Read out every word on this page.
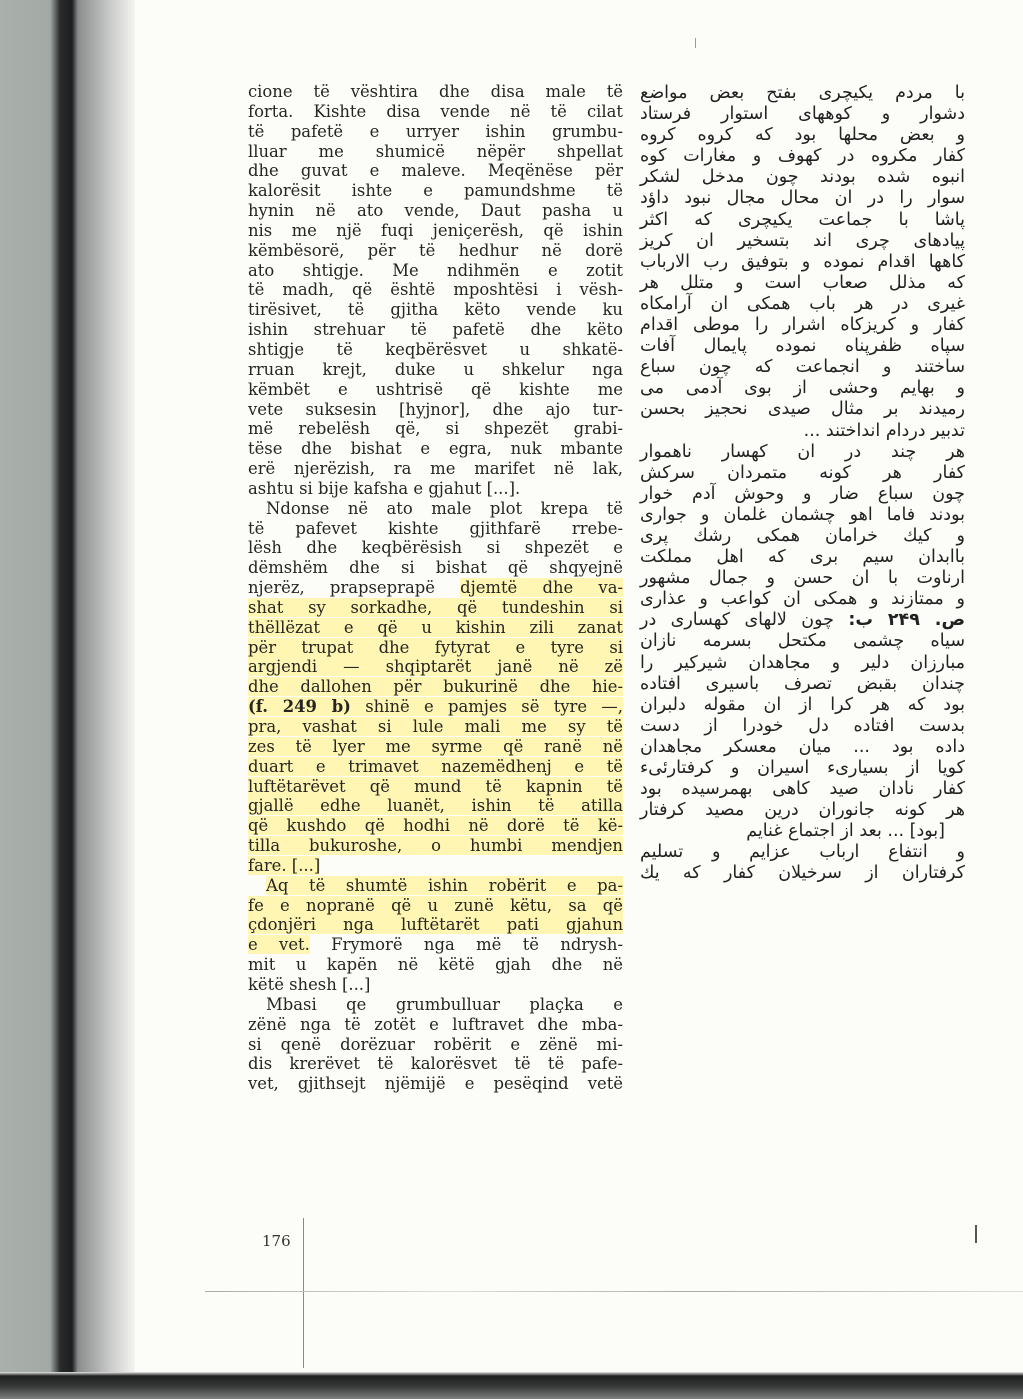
cione të vështira dhe disa male të
forta. Kishte disa vende në të cilat
të pafetë e urryer ishin grumbu-
lluar me shumicë nëpër shpellat
dhe guvat e maleve. Meqënëse për
kalorësit ishte e pamundshme të
hynin në ato vende, Daut pasha u
nis me një fuqi jeniçerësh, që ishin
këmbësorë, për të hedhur në dorë
ato shtigje. Me ndihmën e zotit
të madh, që është mposhtësi i vësh-
tirësivet, të gjitha këto vende ku
ishin strehuar të pafetë dhe këto
shtigje të keqbërësvet u shkatë-
rruan krejt, duke u shkelur nga
këmbët e ushtrisë që kishte me
vete suksesin [hyjnor], dhe ajo tur-
më rebelësh që, si shpezët grabi-
tëse dhe bishat e egra, nuk mbante
erë njerëzish, ra me marifet në lak,
ashtu si bije kafsha e gjahut [...].
Ndonse në ato male plot krepa të
të pafevet kishte gjithfarë rrebe-
lësh dhe keqbërësish si shpezët e
dëmshëm dhe si bishat që shqyejnë
njerëz, prapseprapë djemtë dhe va-
shat sy sorkadhe, që tundeshin si
thëllëzat e që u kishin zili zanat
për trupat dhe fytyrat e tyre si
argjendi — shqiptarët janë në zë
dhe dallohen për bukurinë dhe hie-
(f. 249 b) shinë e pamjes së tyre —,
pra, vashat si lule mali me sy të
zes të lyer me syrme që ranë në
duart e trimavet nazemëdhenj e të
luftëtarëvet që mund të kapnin të
gjallë edhe luanët, ishin të atilla
që kushdo që hodhi në dorë të kë-
tilla bukuroshe, o humbi mendjen
fare. [...]
Aq të shumtë ishin robërit e pa-
fe e nopranë që u zunë këtu, sa që
çdonjëri nga luftëtarët pati gjahun
e vet. Frymorë nga më të ndrysh-
mit u kapën në këtë gjah dhe në
këtë shesh [...]
Mbasi qe grumbulluar plaçka e
zënë nga të zotët e luftravet dhe mba-
si qenë dorëzuar robërit e zënë mi-
dis krerëvet të kalorësvet të të pafe-
vet, gjithsejt njëmijë e pesëqind vetë
با مردم یکیچری بفتح بعض مواضع
دشوار و کوههای استوار فرستاد
و بعض محلها بود که کروه کروه
کفار مکروه در کهوف و مغارات کوه
انبوه شده بودند چون مدخل لشکر
سوار را در ان محال مجال نبود داؤد
پاشا با جماعت یکیچری که اکثر
پیادهای چری اند بتسخیر ان کریز
کاهها اقدام نموده و بتوفیق رب الارباب
که مذلل صعاب است و متلل هر
غیری در هر باب همکی ان آرامکاه
کفار و کریزکاه اشرار را موطی اقدام
سپاه ظفرپناه نموده پایمال آفات
ساختند و انجماعت که چون سباع
و بهایم وحشی از بوی آدمی می
رمیدند بر مثال صیدی نحجیز بحسن
تدبیر دردام انداختند ...
هر چند در ان کهسار ناهموار
کفار هر کونه متمردان سرکش
چون سباع ضار و وحوش آدم خوار
بودند فاما اهو چشمان غلمان و جواری
و کیك خرامان همکی رشك پری
باابدان سیم بری که اهل مملکت
ارناوت با ان حسن و جمال مشهور
و ممتازند و همکی ان کواعب و عذاری
ص. ۲۴۹ ب: چون لالهای کهساری در
سیاه چشمی مکتحل بسرمه نازان
مبارزان دلیر و مجاهدان شیرکیر را
چندان بقبض تصرف باسیری افتاده
بود که هر کرا از ان مقوله دلبران
بدست افتاده دل خودرا از دست
داده بود ... میان معسکر مجاهدان
کویا از بسیاریء اسیران و کرفتارئیء
کفار نادان صید کاهی بهمرسیده بود
هر کونه جانوران درین مصید کرفتار
[بود] ... بعد از اجتماع غنایم
و انتفاع ارباب عزایم و تسلیم
کرفتاران از سرخیلان کفار که یك
176
